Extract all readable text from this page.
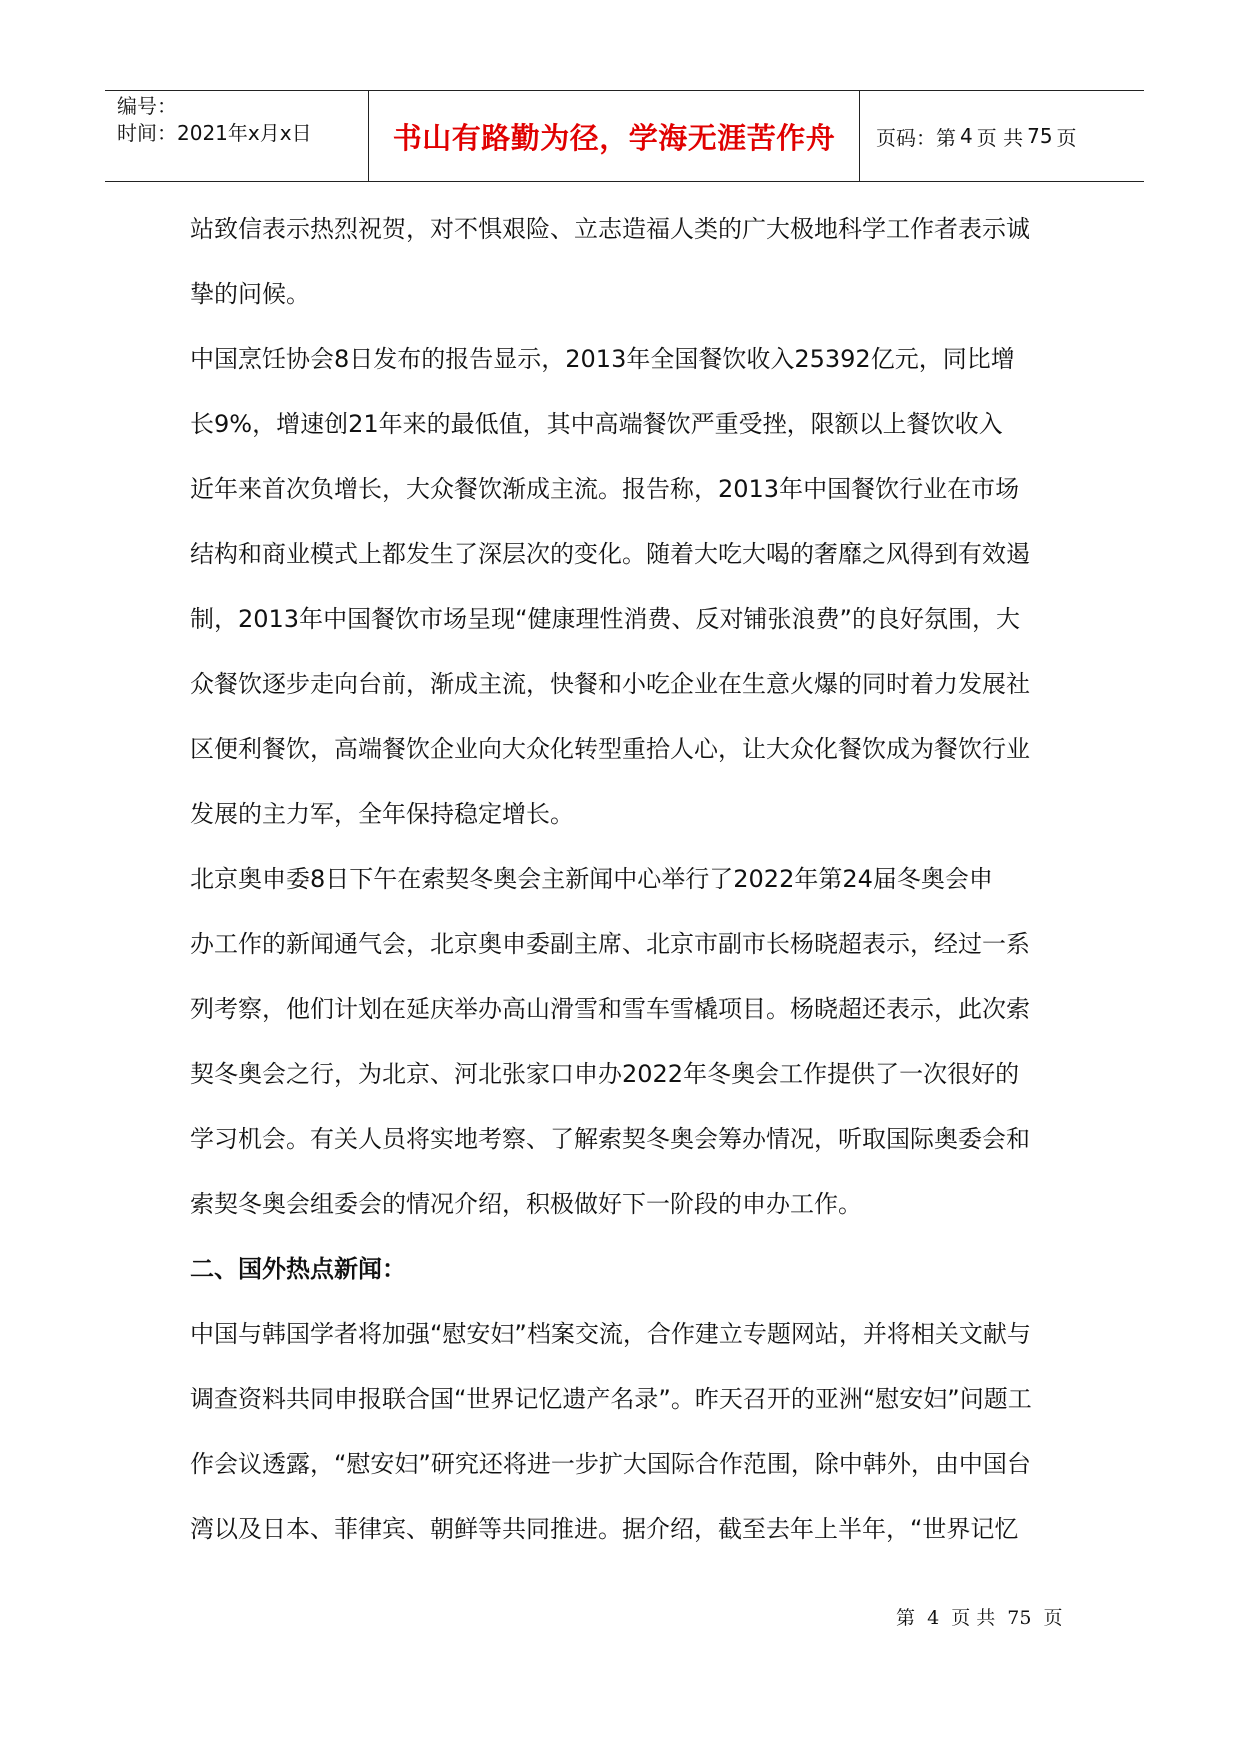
编号：
时间：2021年x月x日	书山有路勤为径，学海无涯苦作舟 页码：第 4 页 共 75 页

站致信表示热烈祝贺，对不惧艰险、立志造福人类的广大极地科学工作者表示诚

挚的问候。

中国烹饪协会8日发布的报告显示，2013年全国餐饮收入25392亿元，同比增

长9%，增速创21年来的最低值，其中高端餐饮严重受挫，限额以上餐饮收入

近年来首次负增长，大众餐饮渐成主流。报告称，2013年中国餐饮行业在市场

结构和商业模式上都发生了深层次的变化。随着大吃大喝的奢靡之风得到有效遏

制，2013年中国餐饮市场呈现“健康理性消费、反对铺张浪费”的良好氛围，大

众餐饮逐步走向台前，渐成主流，快餐和小吃企业在生意火爆的同时着力发展社

区便利餐饮，高端餐饮企业向大众化转型重拾人心，让大众化餐饮成为餐饮行业

发展的主力军，全年保持稳定增长。

北京奥申委8日下午在索契冬奥会主新闻中心举行了2022年第24届冬奥会申

办工作的新闻通气会，北京奥申委副主席、北京市副市长杨晓超表示，经过一系

列考察，他们计划在延庆举办高山滑雪和雪车雪橇项目。杨晓超还表示，此次索

契冬奥会之行，为北京、河北张家口申办2022年冬奥会工作提供了一次很好的

学习机会。有关人员将实地考察、了解索契冬奥会筹办情况，听取国际奥委会和

索契冬奥会组委会的情况介绍，积极做好下一阶段的申办工作。

二、国外热点新闻：

中国与韩国学者将加强“慰安妇”档案交流，合作建立专题网站，并将相关文献与

调查资料共同申报联合国“世界记忆遗产名录”。昨天召开的亚洲“慰安妇”问题工

作会议透露，“慰安妇”研究还将进一步扩大国际合作范围，除中韩外，由中国台

湾以及日本、菲律宾、朝鲜等共同推进。据介绍，截至去年上半年，“世界记忆

第 4 页 共 75 页
